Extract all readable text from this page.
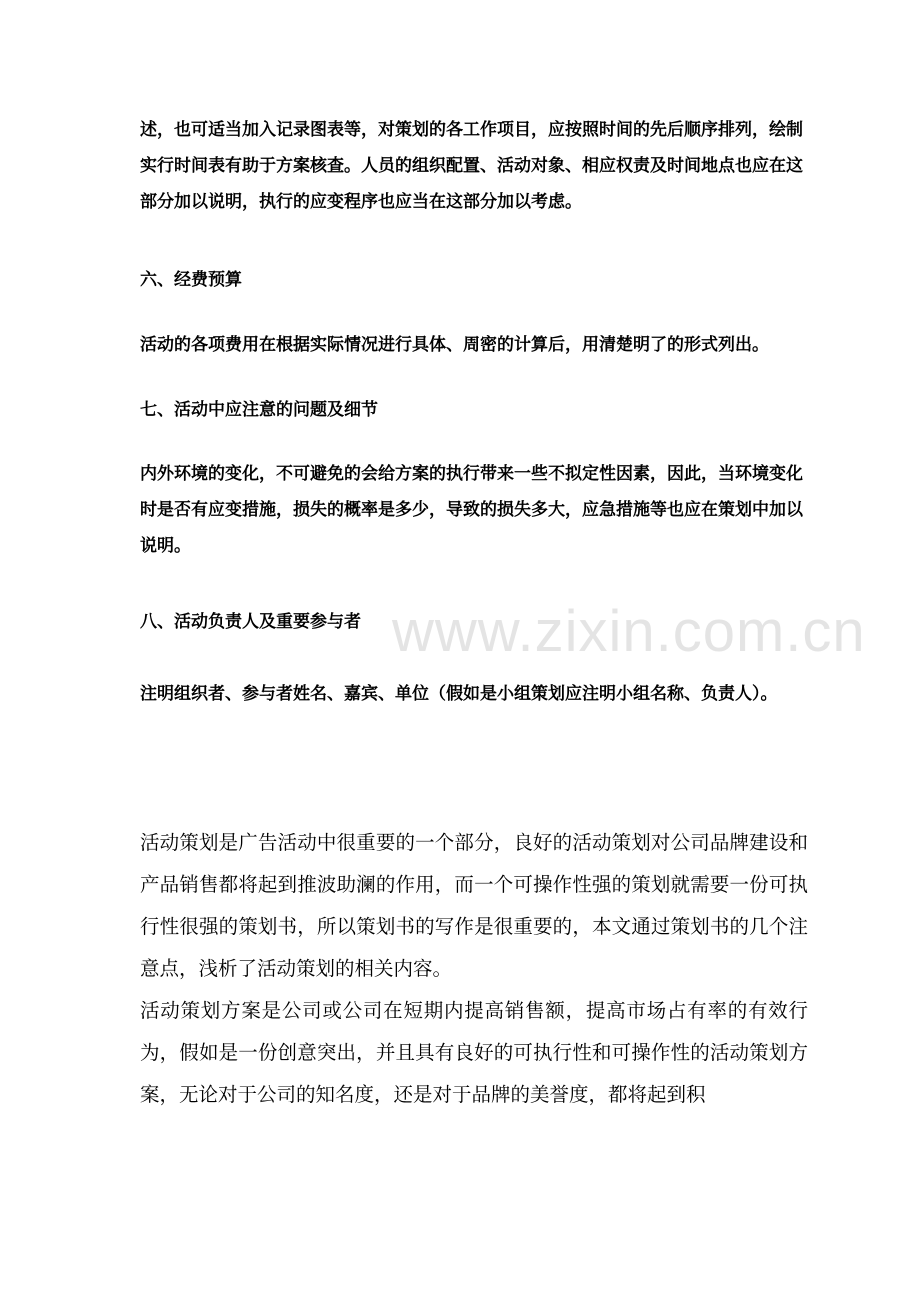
述，也可适当加入记录图表等，对策划的各工作项目，应按照时间的先后顺序排列，绘制实行时间表有助于方案核查。人员的组织配置、活动对象、相应权责及时间地点也应在这部分加以说明，执行的应变程序也应当在这部分加以考虑。

六、经费预算

活动的各项费用在根据实际情况进行具体、周密的计算后，用清楚明了的形式列出。

七、活动中应注意的问题及细节

内外环境的变化，不可避免的会给方案的执行带来一些不拟定性因素，因此，当环境变化时是否有应变措施，损失的概率是多少，导致的损失多大，应急措施等也应在策划中加以说明。

八、活动负责人及重要参与者

注明组织者、参与者姓名、嘉宾、单位（假如是小组策划应注明小组名称、负责人）。

活动策划是广告活动中很重要的一个部分，良好的活动策划对公司品牌建设和产品销售都将起到推波助澜的作用，而一个可操作性强的策划就需要一份可执行性很强的策划书，所以策划书的写作是很重要的，本文通过策划书的几个注意点，浅析了活动策划的相关内容。

活动策划方案是公司或公司在短期内提高销售额，提高市场占有率的有效行为，假如是一份创意突出，并且具有良好的可执行性和可操作性的活动策划方案，无论对于公司的知名度，还是对于品牌的美誉度，都将起到积

www.zixin.com.cn
